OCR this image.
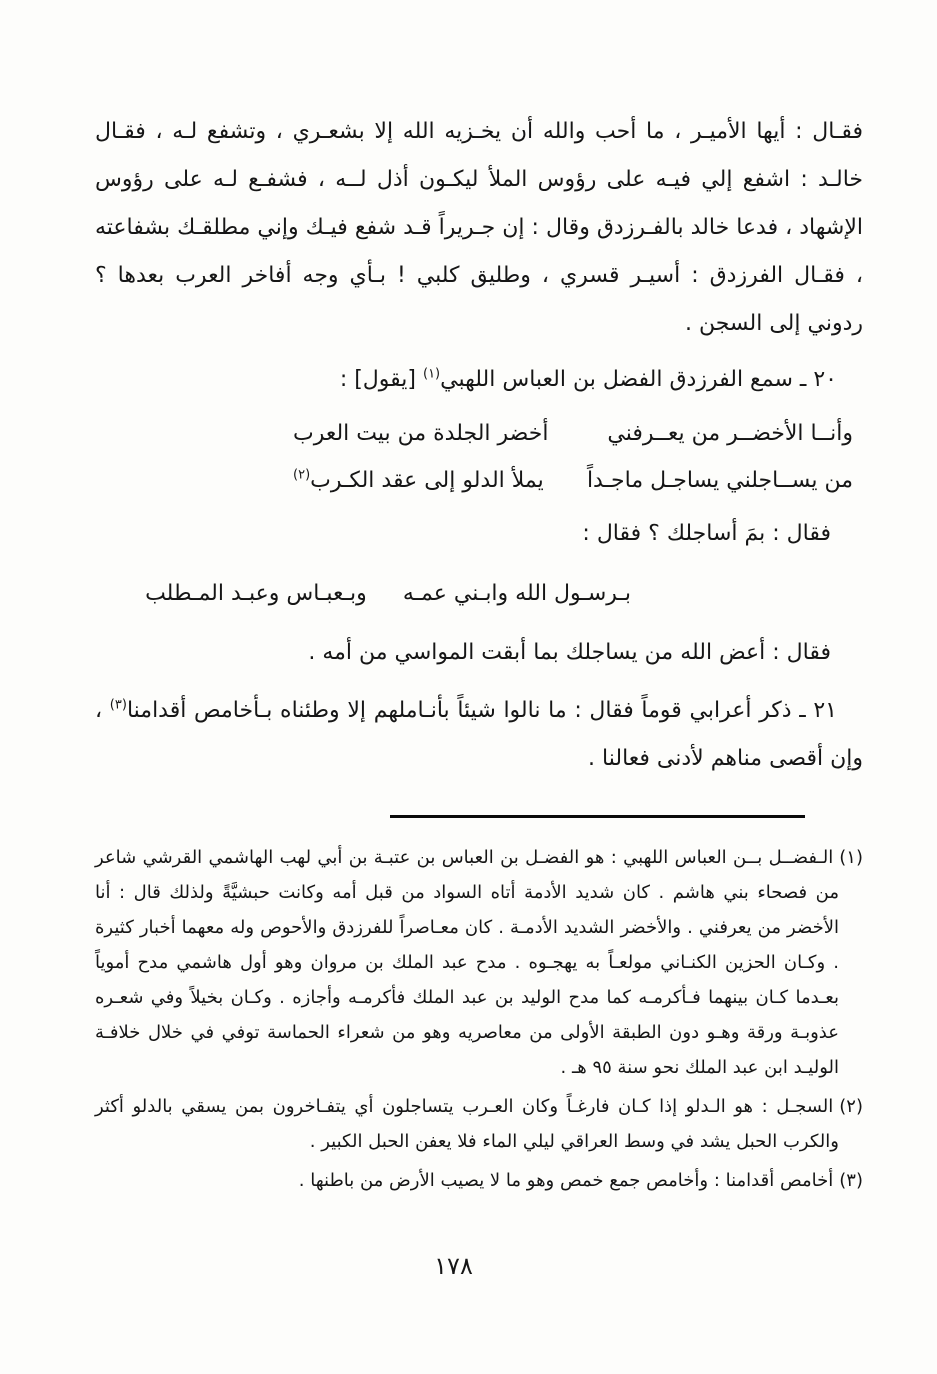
فقـال : أيها الأميـر ، ما أحب والله أن يخـزيه الله إلا بشعـري ، وتشفع لـه ، فقـال خالـد : اشفع إلي فيـه على رؤوس الملأ ليكـون أذل لــه ، فشفـع لـه على رؤوس الإشهاد ، فدعا خالد بالفـرزدق وقال : إن جـريراً قـد شفع فيـك وإني مطلقـك بشفاعته ، فقـال الفرزدق : أسيـر قسري ، وطليق كلبي ! بـأي وجه أفاخر العرب بعدها ؟ ردوني إلى السجن .

٢٠ ـ سمع الفرزدق الفضل بن العباس اللهبي$^{(١)}$ [يقول] :

وأنــا الأخضــر من يعــرفني
أخضر الجلدة من بيت العرب
من يســاجلني يساجـل ماجـداً
يملأ الدلو إلى عقد الكـرب$^{(٢)}$

فقال : بمَ أساجلك ؟ فقال :

بـرسـول الله وابـني عمـه
وبـعبـاس وعبـد المـطلب

فقال : أعض الله من يساجلك بما أبقت المواسي من أمه .

٢١ ـ ذكر أعرابي قوماً فقال : ما نالوا شيئاً بأنـاملهم إلا وطئناه بـأخامص أقدامنا$^{(٣)}$ ، وإن أقصى مناهم لأدنى فعالنا .

(١)الـفضــل بــن العباس اللهبي : هو الفضـل بن العباس بن عتبـة بن أبي لهب الهاشمي القرشي شاعر من فصحاء بني هاشم . كان شديد الأدمة أتاه السواد من قبل أمه وكانت حبشيَّةً ولذلك قال : أنا الأخضر من يعرفني . والأخضر الشديد الأدمـة . كان معـاصراً للفرزدق والأحوص وله معهما أخبار كثيرة . وكـان الحزين الكنـاني مولعـاً به يهجـوه . مدح عبد الملك بن مروان وهو أول هاشمي مدح أموياً بعـدما كـان بينهما فـأكرمـه كما مدح الوليد بن عبد الملك فأكرمـه وأجازه . وكـان بخيلاً وفي شعـره عذوبـة ورقة وهـو دون الطبقة الأولى من معاصريه وهو من شعراء الحماسة توفي في خلال خلافـة الوليـد ابن عبد الملك نحو سنة ٩٥ هـ .

(٢)السجـل : هو الـدلو إذا كـان فارغـاً وكان العـرب يتساجلون أي يتفـاخرون بمن يسقي بالدلو أكثر والكرب الحبل يشد في وسط العراقي ليلي الماء فلا يعفن الحبل الكبير .

(٣)أخامص أقدامنا : وأخامص جمع خمص وهو ما لا يصيب الأرض من باطنها .

١٧٨
